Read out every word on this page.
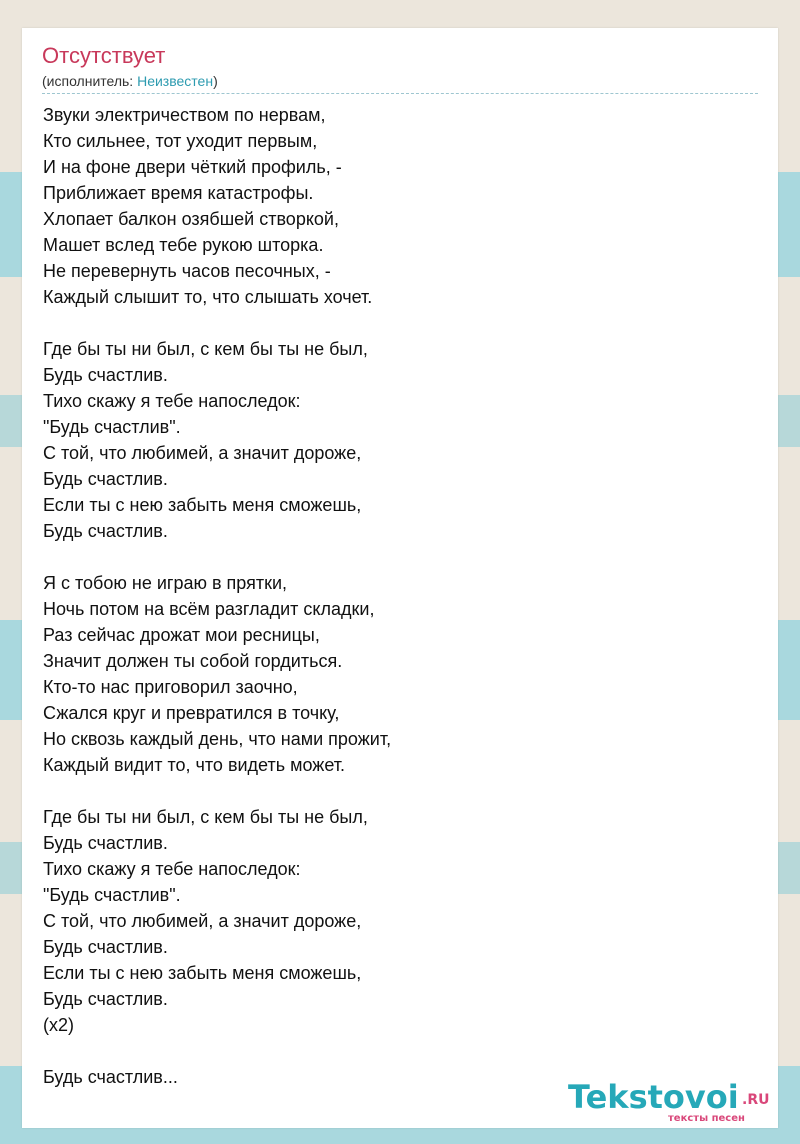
Отсутствует
(исполнитель: Неизвестен)
Звуки электричеством по нервам,
Кто сильнее, тот уходит первым,
И на фоне двери чёткий профиль, -
Приближает время катастрофы.
Хлопает балкон озябшей створкой,
Машет вслед тебе рукою шторка.
Не перевернуть часов песочных, -
Каждый слышит то, что слышать хочет.

Где бы ты ни был, с кем бы ты не был,
Будь счастлив.
Тихо скажу я тебе напоследок:
"Будь счастлив".
С той, что любимей, а значит дороже,
Будь счастлив.
Если ты с нею забыть меня сможешь,
Будь счастлив.

Я с тобою не играю в прятки,
Ночь потом на всём разгладит складки,
Раз сейчас дрожат мои ресницы,
Значит должен ты собой гордиться.
Кто-то нас приговорил заочно,
Сжался круг и превратился в точку,
Но сквозь каждый день, что нами прожит,
Каждый видит то, что видеть может.

Где бы ты ни был, с кем бы ты не был,
Будь счастлив.
Тихо скажу я тебе напоследок:
"Будь счастлив".
С той, что любимей, а значит дороже,
Будь счастлив.
Если ты с нею забыть меня сможешь,
Будь счастлив.
(x2)

Будь счастлив...
Tekstovoi .RU
тексты песен
